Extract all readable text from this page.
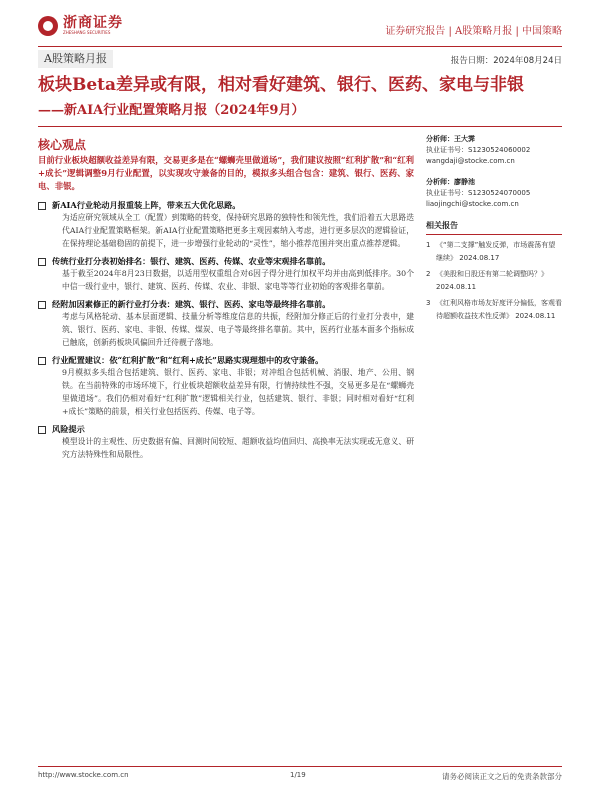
浙商证券
ZHESHANG SECURITIES	证券研究报告 | A股策略月报 | 中国策略
A股策略月报	报告日期：2024年08月24日
板块Beta差异或有限，相对看好建筑、银行、医药、家电与非银
——新AIA行业配置策略月报（2024年9月）
核心观点

目前行业板块超额收益差异有限，交易更多是在“螺蛳壳里做道场”，我们建议按照“红利扩散”和“红利+成长”逻辑调整9月行业配置，以实现攻守兼备的目的，模拟多头组合包含：建筑、银行、医药、家电、非银。

新AIA行业轮动月报重装上阵，带来五大优化思路。
为适应研究领域从全工（配置）到策略的转变，保持研究思路的独特性和领先性，我们沿着五大思路迭代AIA行业配置策略框架。新AIA行业配置策略把更多主观因素纳入考虑，进行更多层次的逻辑验证，在保持理论基础稳固的前提下，进一步增强行业轮动的“灵性”，缩小推荐范围并突出重点推荐逻辑。
传统行业打分表初始排名：银行、建筑、医药、传媒、农业等宋观排名靠前。
基于截至2024年8月23日数据，以适用型权重组合对6因子得分进行加权平均并由高到低排序。30个中信一级行业中，银行、建筑、医药、传媒、农业、非银、家电等等行业初始的客观排名靠前。
经附加因素修正的新行业打分表：建筑、银行、医药、家电等最终排名靠前。
考虑与风格轮动、基本层面逻辑、技量分析等维度信息的共振，经附加分修正后的行业打分表中，建筑、银行、医药、家电、非银、传媒、煤炭、电子等最终排名靠前。其中，医药行业基本面多个指标成已触底，创新药板块风偏回升迁待靓子落地。
行业配置建议：依“红利扩散”和“红利+成长”思路实现理想中的攻守兼备。
9月模拟多头组合包括建筑、银行、医药、家电、非银；对冲组合包括机械、消服、地产、公用、钢铁。在当前特殊的市场环境下，行业板块超额收益差异有限，行情持续性不强，交易更多是在“螺蛳壳里做道场”。我们仍相对看好“红利扩散”逻辑相关行业，包括建筑、银行、非银；同时相对看好“红利+成长”策略的前景，相关行业包括医药、传媒、电子等。
风险提示
模型设计的主观性、历史数据有偏、回测时间较短、超额收益均值回归、高换率无法实现或无意义、研究方法特殊性和局限性。
分析师：王大霁
执业证书号：S1230524060002
wangdaji@stocke.com.cn
分析师：廖静池
执业证书号：S1230524070005
liaojingchi@stocke.com.cn
相关报告
1 《“第二支撑”触发反弹，市场震荡有望继续》 2024.08.17
2 《美股和日股还有第二轮调整吗？》 2024.08.11
3 《红利风格市场友好度评分偏低，客观看待超额收益技术性反弹》 2024.08.11
http://www.stocke.com.cn	1/19	请务必阅读正文之后的免责条款部分
